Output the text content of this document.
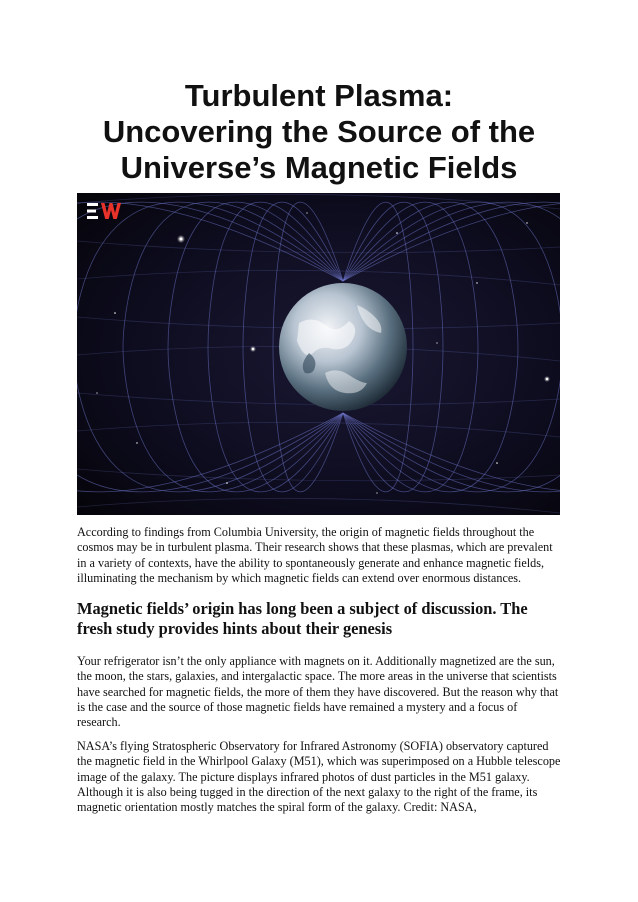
Turbulent Plasma:
Uncovering the Source of the
Universe’s Magnetic Fields

According to findings from Columbia University, the origin of magnetic fields throughout the cosmos may be in turbulent plasma. Their research shows that these plasmas, which are prevalent in a variety of contexts, have the ability to spontaneously generate and enhance magnetic fields, illuminating the mechanism by which magnetic fields can extend over enormous distances.

Magnetic fields’ origin has long been a subject of discussion. The fresh study provides hints about their genesis

Your refrigerator isn’t the only appliance with magnets on it. Additionally magnetized are the sun, the moon, the stars, galaxies, and intergalactic space. The more areas in the universe that scientists have searched for magnetic fields, the more of them they have discovered. But the reason why that is the case and the source of those magnetic fields have remained a mystery and a focus of research.

NASA’s flying Stratospheric Observatory for Infrared Astronomy (SOFIA) observatory captured the magnetic field in the Whirlpool Galaxy (M51), which was superimposed on a Hubble telescope image of the galaxy. The picture displays infrared photos of dust particles in the M51 galaxy. Although it is also being tugged in the direction of the next galaxy to the right of the frame, its magnetic orientation mostly matches the spiral form of the galaxy. Credit: NASA,
